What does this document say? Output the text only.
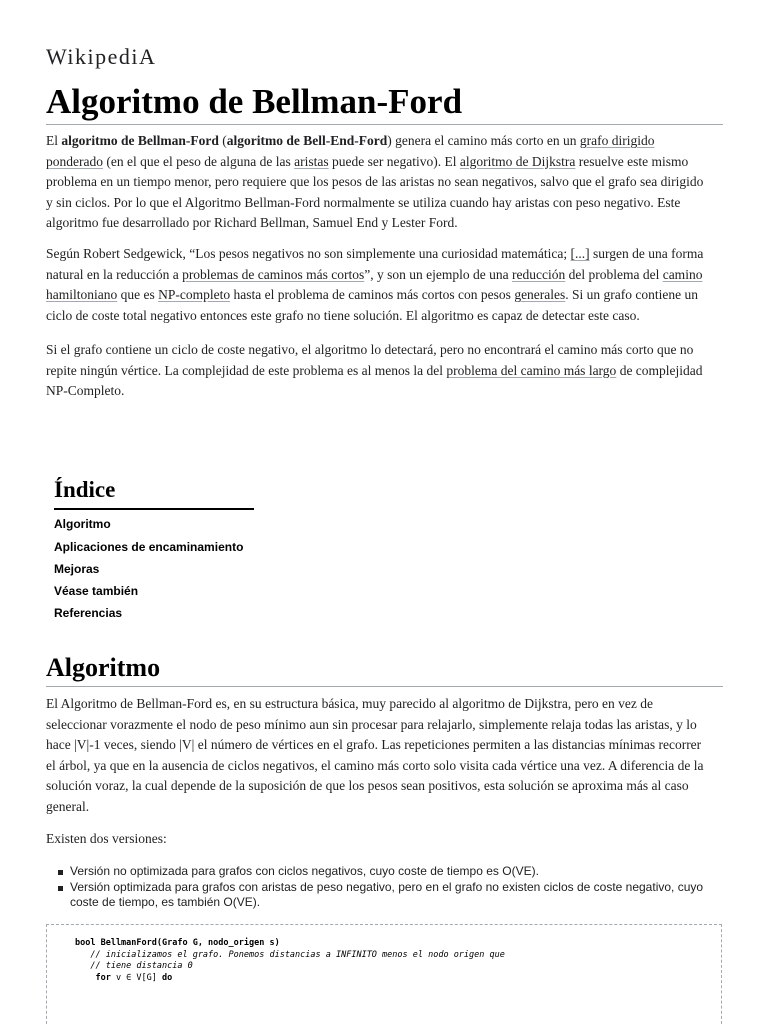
WikipediA
Algoritmo de Bellman-Ford
El algoritmo de Bellman-Ford (algoritmo de Bell-End-Ford) genera el camino más corto en un grafo dirigido
ponderado (en el que el peso de alguna de las aristas puede ser negativo). El algoritmo de Dijkstra resuelve este mismo
problema en un tiempo menor, pero requiere que los pesos de las aristas no sean negativos, salvo que el grafo sea dirigido
y sin ciclos. Por lo que el Algoritmo Bellman-Ford normalmente se utiliza cuando hay aristas con peso negativo. Este
algoritmo fue desarrollado por Richard Bellman, Samuel End y Lester Ford.
Según Robert Sedgewick, “Los pesos negativos no son simplemente una curiosidad matemática; [...] surgen de una forma
natural en la reducción a problemas de caminos más cortos”, y son un ejemplo de una reducción del problema del camino
hamiltoniano que es NP-completo hasta el problema de caminos más cortos con pesos generales. Si un grafo contiene un
ciclo de coste total negativo entonces este grafo no tiene solución. El algoritmo es capaz de detectar este caso.
Si el grafo contiene un ciclo de coste negativo, el algoritmo lo detectará, pero no encontrará el camino más corto que no
repite ningún vértice. La complejidad de este problema es al menos la del problema del camino más largo de complejidad
NP-Completo.
Índice
Algoritmo
Aplicaciones de encaminamiento
Mejoras
Véase también
Referencias
Algoritmo
El Algoritmo de Bellman-Ford es, en su estructura básica, muy parecido al algoritmo de Dijkstra, pero en vez de
seleccionar vorazmente el nodo de peso mínimo aun sin procesar para relajarlo, simplemente relaja todas las aristas, y lo
hace |V|-1 veces, siendo |V| el número de vértices en el grafo. Las repeticiones permiten a las distancias mínimas recorrer
el árbol, ya que en la ausencia de ciclos negativos, el camino más corto solo visita cada vértice una vez. A diferencia de la
solución voraz, la cual depende de la suposición de que los pesos sean positivos, esta solución se aproxima más al caso
general.
Existen dos versiones:
Versión no optimizada para grafos con ciclos negativos, cuyo coste de tiempo es O(VE).
Versión optimizada para grafos con aristas de peso negativo, pero en el grafo no existen ciclos de coste negativo, cuyo coste de tiempo, es también O(VE).
bool BellmanFord(Grafo G, nodo_origen s)
// inicializamos el grafo. Ponemos distancias a INFINITO menos el nodo origen que
// tiene distancia 0
for v ∈ V[G] do
